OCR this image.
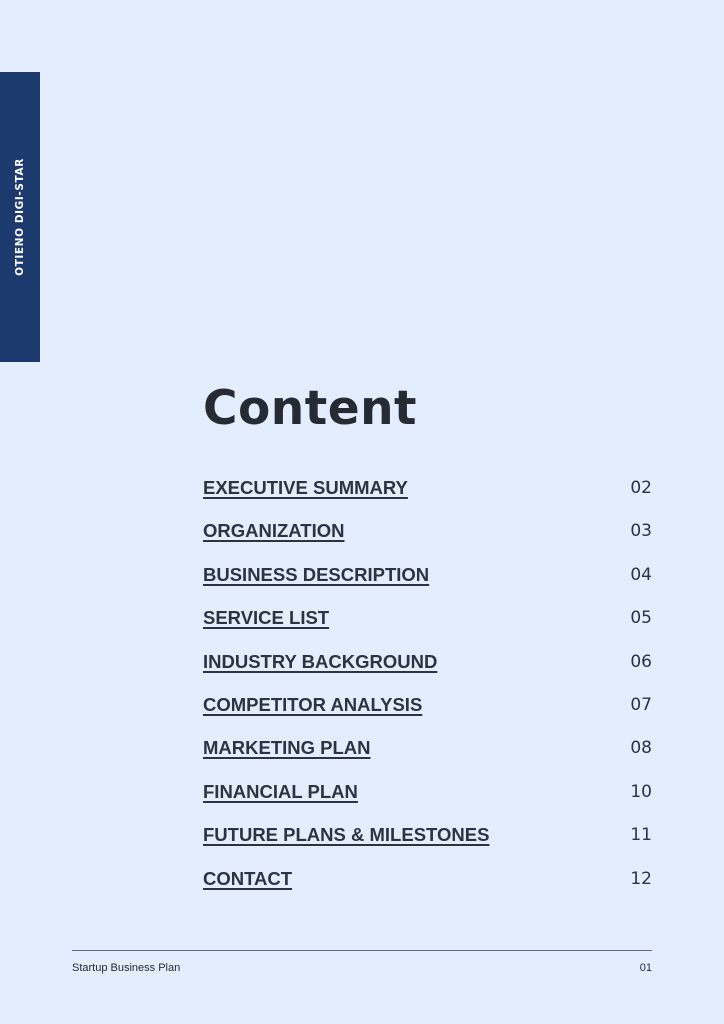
OTIENO DIGI-STAR
Content
EXECUTIVE SUMMARY	02
ORGANIZATION	03
BUSINESS DESCRIPTION	04
SERVICE LIST	05
INDUSTRY BACKGROUND	06
COMPETITOR ANALYSIS	07
MARKETING PLAN	08
FINANCIAL PLAN	10
FUTURE PLANS & MILESTONES	11
CONTACT	12
Startup Business Plan	01
